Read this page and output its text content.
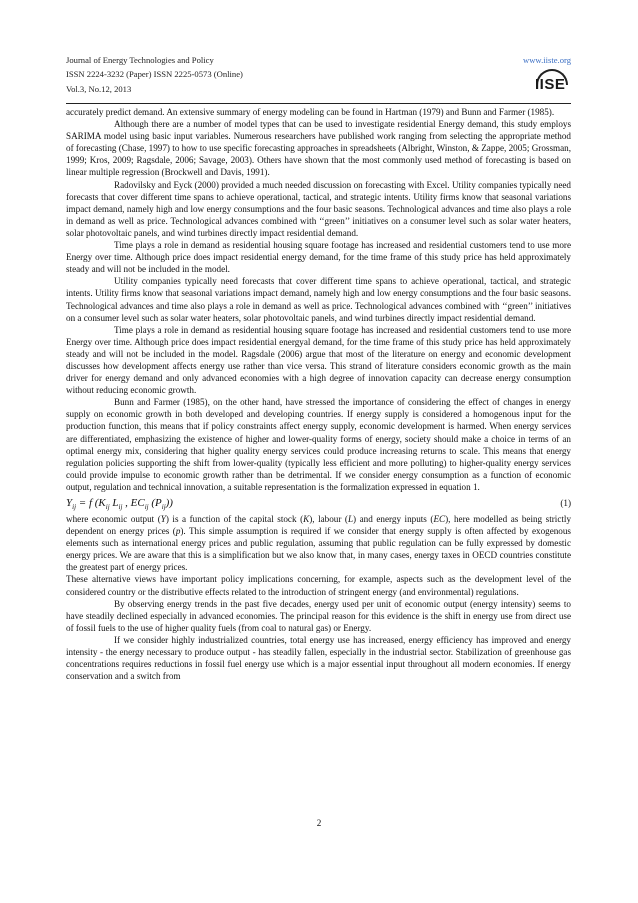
Journal of Energy Technologies and Policy
ISSN 2224-3232 (Paper) ISSN 2225-0573 (Online)
Vol.3, No.12, 2013
www.iiste.org
IISE

accurately predict demand. An extensive summary of energy modeling can be found in Hartman (1979) and Bunn and Farmer (1985).

Although there are a number of model types that can be used to investigate residential Energy demand, this study employs SARIMA model using basic input variables. Numerous researchers have published work ranging from selecting the appropriate method of forecasting (Chase, 1997) to how to use specific forecasting approaches in spreadsheets (Albright, Winston, & Zappe, 2005; Grossman, 1999; Kros, 2009; Ragsdale, 2006; Savage, 2003). Others have shown that the most commonly used method of forecasting is based on linear multiple regression (Brockwell and Davis, 1991).

Radovilsky and Eyck (2000) provided a much needed discussion on forecasting with Excel. Utility companies typically need forecasts that cover different time spans to achieve operational, tactical, and strategic intents. Utility firms know that seasonal variations impact demand, namely high and low energy consumptions and the four basic seasons. Technological advances and time also plays a role in demand as well as price. Technological advances combined with ‘‘green’’ initiatives on a consumer level such as solar water heaters, solar photovoltaic panels, and wind turbines directly impact residential demand.

Time plays a role in demand as residential housing square footage has increased and residential customers tend to use more Energy over time. Although price does impact residential energy demand, for the time frame of this study price has held approximately steady and will not be included in the model.

Utility companies typically need forecasts that cover different time spans to achieve operational, tactical, and strategic intents. Utility firms know that seasonal variations impact demand, namely high and low energy consumptions and the four basic seasons. Technological advances and time also plays a role in demand as well as price. Technological advances combined with ‘‘green’’ initiatives on a consumer level such as solar water heaters, solar photovoltaic panels, and wind turbines directly impact residential demand.

Time plays a role in demand as residential housing square footage has increased and residential customers tend to use more Energy over time. Although price does impact residential energyal demand, for the time frame of this study price has held approximately steady and will not be included in the model. Ragsdale (2006) argue that most of the literature on energy and economic development discusses how development affects energy use rather than vice versa. This strand of literature considers economic growth as the main driver for energy demand and only advanced economies with a high degree of innovation capacity can decrease energy consumption without reducing economic growth.

Bunn and Farmer (1985), on the other hand, have stressed the importance of considering the effect of changes in energy supply on economic growth in both developed and developing countries. If energy supply is considered a homogenous input for the production function, this means that if policy constraints affect energy supply, economic development is harmed. When energy services are differentiated, emphasizing the existence of higher and lower-quality forms of energy, society should make a choice in terms of an optimal energy mix, considering that higher quality energy services could produce increasing returns to scale. This means that energy regulation policies supporting the shift from lower-quality (typically less efficient and more polluting) to higher-quality energy services could provide impulse to economic growth rather than be detrimental. If we consider energy consumption as a function of economic output, regulation and technical innovation, a suitable representation is the formalization expressed in equation 1.

$Y_{ij} = f$ ($K_{ij}$ $L_{ij}$ , $EC_{ij}$ $(P_{ij})$)	(1)

where economic output (Y) is a function of the capital stock (K), labour (L) and energy inputs (EC), here modelled as being strictly dependent on energy prices (p). This simple assumption is required if we consider that energy supply is often affected by exogenous elements such as international energy prices and public regulation, assuming that public regulation can be fully expressed by domestic energy prices. We are aware that this is a simplification but we also know that, in many cases, energy taxes in OECD countries constitute the greatest part of energy prices.

These alternative views have important policy implications concerning, for example, aspects such as the development level of the considered country or the distributive effects related to the introduction of stringent energy (and environmental) regulations.

By observing energy trends in the past five decades, energy used per unit of economic output (energy intensity) seems to have steadily declined especially in advanced economies. The principal reason for this evidence is the shift in energy use from direct use of fossil fuels to the use of higher quality fuels (from coal to natural gas) or Energy.

If we consider highly industrialized countries, total energy use has increased, energy efficiency has improved and energy intensity - the energy necessary to produce output - has steadily fallen, especially in the industrial sector. Stabilization of greenhouse gas concentrations requires reductions in fossil fuel energy use which is a major essential input throughout all modern economies. If energy conservation and a switch from

2
